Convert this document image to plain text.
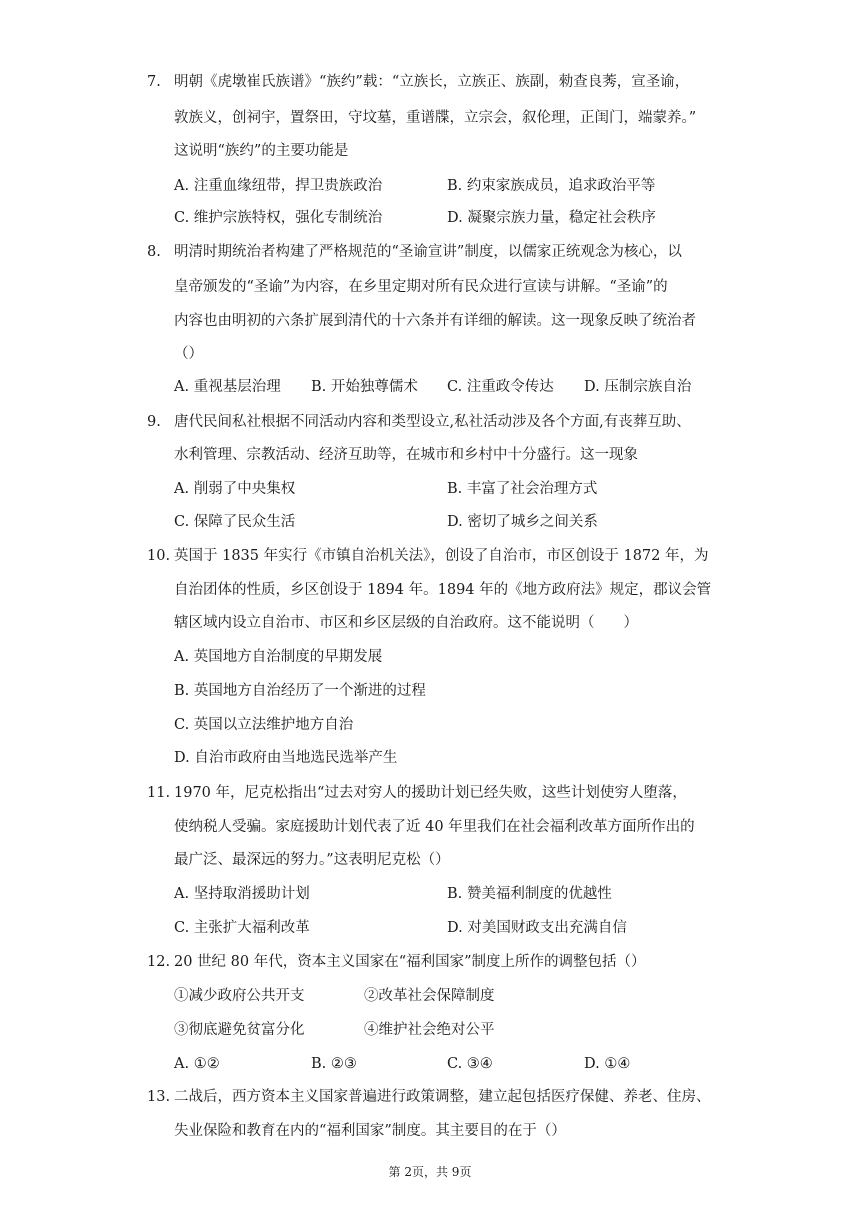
7. 明朝《虎墩崔氏族谱》“族约”载：“立族长，立族正、族副，勑查良莠，宣圣谕，
敦族义，创祠宇，置祭田，守坟墓，重谱牒，立宗会，叙伦理，正闺门，端蒙养。”
这说明“族约”的主要功能是
A. 注重血缘纽带，捍卫贵族政治	B. 约束家族成员，追求政治平等
C. 维护宗族特权，强化专制统治	D. 凝聚宗族力量，稳定社会秩序
8. 明清时期统治者构建了严格规范的“圣谕宣讲”制度，以儒家正统观念为核心，以
皇帝颁发的“圣谕”为内容，在乡里定期对所有民众进行宣读与讲解。“圣谕”的
内容也由明初的六条扩展到清代的十六条并有详细的解读。这一现象反映了统治者
（）
A. 重视基层治理 B. 开始独尊儒术 C. 注重政令传达 D. 压制宗族自治
9. 唐代民间私社根据不同活动内容和类型设立,私社活动涉及各个方面,有丧葬互助、
水利管理、宗教活动、经济互助等，在城市和乡村中十分盛行。这一现象
A. 削弱了中央集权	B. 丰富了社会治理方式
C. 保障了民众生活	D. 密切了城乡之间关系
10. 英国于 1835 年实行《市镇自治机关法》，创设了自治市，市区创设于 1872 年，为
自治团体的性质，乡区创设于 1894 年。1894 年的《地方政府法》规定，郡议会管
辖区域内设立自治市、市区和乡区层级的自治政府。这不能说明（　　）
A. 英国地方自治制度的早期发展
B. 英国地方自治经历了一个渐进的过程
C. 英国以立法维护地方自治
D. 自治市政府由当地选民选举产生
11. 1970 年，尼克松指出“过去对穷人的援助计划已经失败，这些计划使穷人堕落，
使纳税人受骗。家庭援助计划代表了近 40 年里我们在社会福利改革方面所作出的
最广泛、最深远的努力。”这表明尼克松（）
A. 坚持取消援助计划	B. 赞美福利制度的优越性
C. 主张扩大福利改革	D. 对美国财政支出充满自信
12. 20 世纪 80 年代，资本主义国家在“福利国家”制度上所作的调整包括（）
①减少政府公共开支	②改革社会保障制度
③彻底避免贫富分化	④维护社会绝对公平
A. ①②	B. ②③	C. ③④	D. ①④
13. 二战后，西方资本主义国家普遍进行政策调整，建立起包括医疗保健、养老、住房、
失业保险和教育在内的“福利国家”制度。其主要目的在于（）
第 2页，共 9页
